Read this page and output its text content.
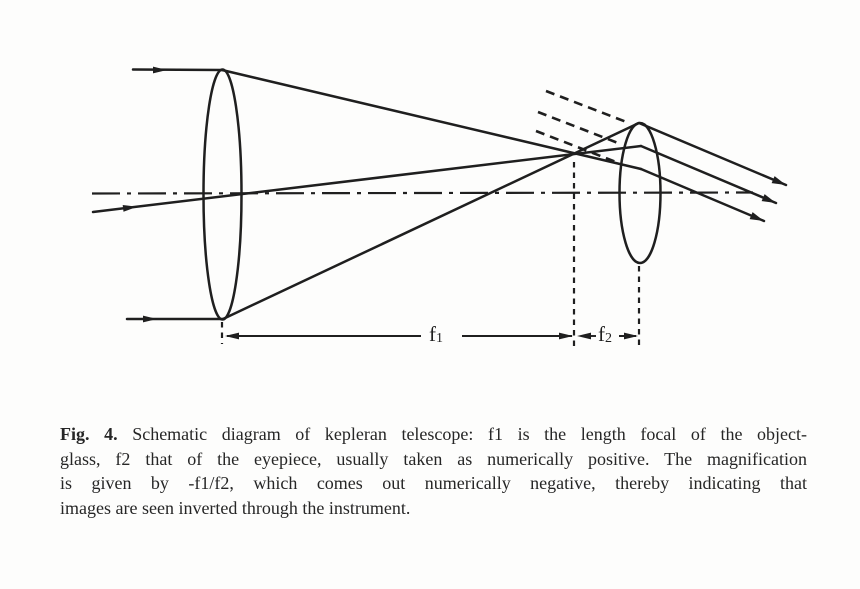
f1	f2
Fig. 4. Schematic diagram of kepleran telescope: f1 is the length focal of the object-
glass, f2 that of the eyepiece, usually taken as numerically positive. The magnification
is given by -f1/f2, which comes out numerically negative, thereby indicating that
images are seen inverted through the instrument.
